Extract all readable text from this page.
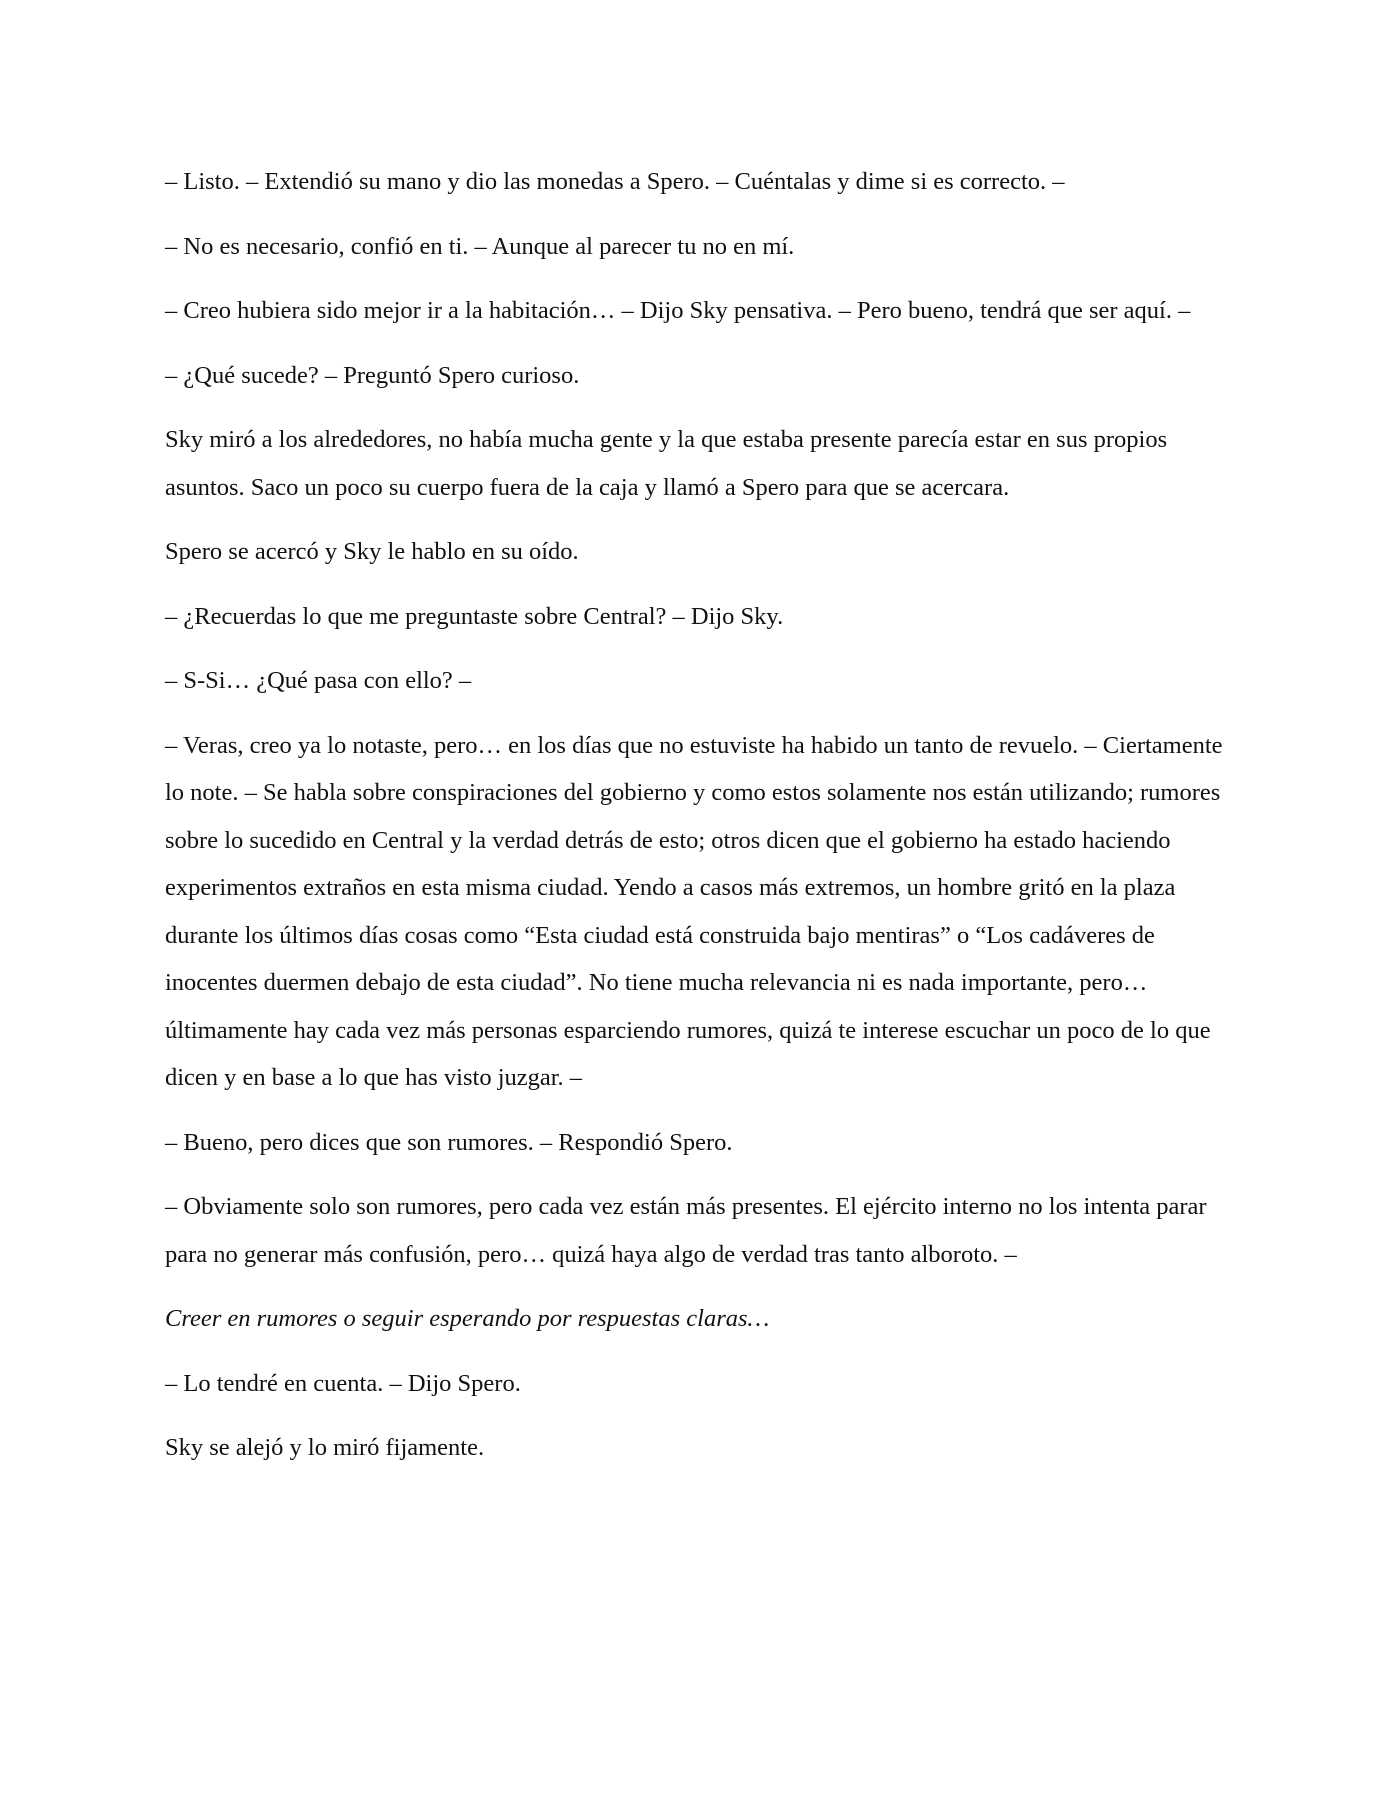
– Listo. – Extendió su mano y dio las monedas a Spero. – Cuéntalas y dime si es correcto. –

– No es necesario, confió en ti. – Aunque al parecer tu no en mí.

– Creo hubiera sido mejor ir a la habitación… – Dijo Sky pensativa. – Pero bueno, tendrá que ser aquí. –

– ¿Qué sucede? – Preguntó Spero curioso.

Sky miró a los alrededores, no había mucha gente y la que estaba presente parecía estar en sus propios asuntos. Saco un poco su cuerpo fuera de la caja y llamó a Spero para que se acercara.

Spero se acercó y Sky le hablo en su oído.

– ¿Recuerdas lo que me preguntaste sobre Central? – Dijo Sky.

– S-Si… ¿Qué pasa con ello? –

– Veras, creo ya lo notaste, pero… en los días que no estuviste ha habido un tanto de revuelo. – Ciertamente lo note. – Se habla sobre conspiraciones del gobierno y como estos solamente nos están utilizando; rumores sobre lo sucedido en Central y la verdad detrás de esto; otros dicen que el gobierno ha estado haciendo experimentos extraños en esta misma ciudad. Yendo a casos más extremos, un hombre gritó en la plaza durante los últimos días cosas como “Esta ciudad está construida bajo mentiras” o “Los cadáveres de inocentes duermen debajo de esta ciudad”. No tiene mucha relevancia ni es nada importante, pero… últimamente hay cada vez más personas esparciendo rumores, quizá te interese escuchar un poco de lo que dicen y en base a lo que has visto juzgar. –

– Bueno, pero dices que son rumores. – Respondió Spero.

– Obviamente solo son rumores, pero cada vez están más presentes. El ejército interno no los intenta parar para no generar más confusión, pero… quizá haya algo de verdad tras tanto alboroto. –

Creer en rumores o seguir esperando por respuestas claras…

– Lo tendré en cuenta. – Dijo Spero.

Sky se alejó y lo miró fijamente.
